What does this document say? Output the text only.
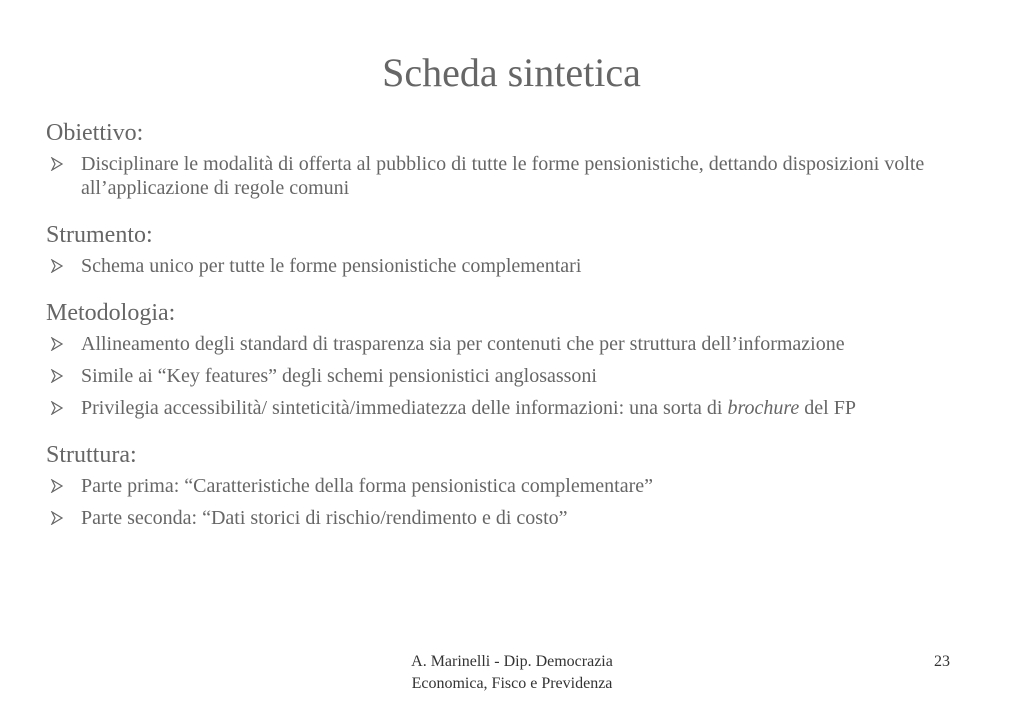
Scheda sintetica

Obiettivo:

Disciplinare le modalità di offerta al pubblico di tutte le forme pensionistiche, dettando disposizioni volte all’applicazione di regole comuni

Strumento:

Schema unico per tutte le forme pensionistiche complementari

Metodologia:

Allineamento degli standard di trasparenza sia per contenuti che per struttura dell’informazione
Simile ai “Key features” degli schemi pensionistici anglosassoni
Privilegia accessibilità/ sinteticità/immediatezza delle informazioni: una sorta di brochure del FP

Struttura:

Parte prima: “Caratteristiche della forma pensionistica complementare”
Parte seconda: “Dati storici di rischio/rendimento e di costo”
A. Marinelli - Dip. Democrazia
Economica, Fisco e Previdenza
23
